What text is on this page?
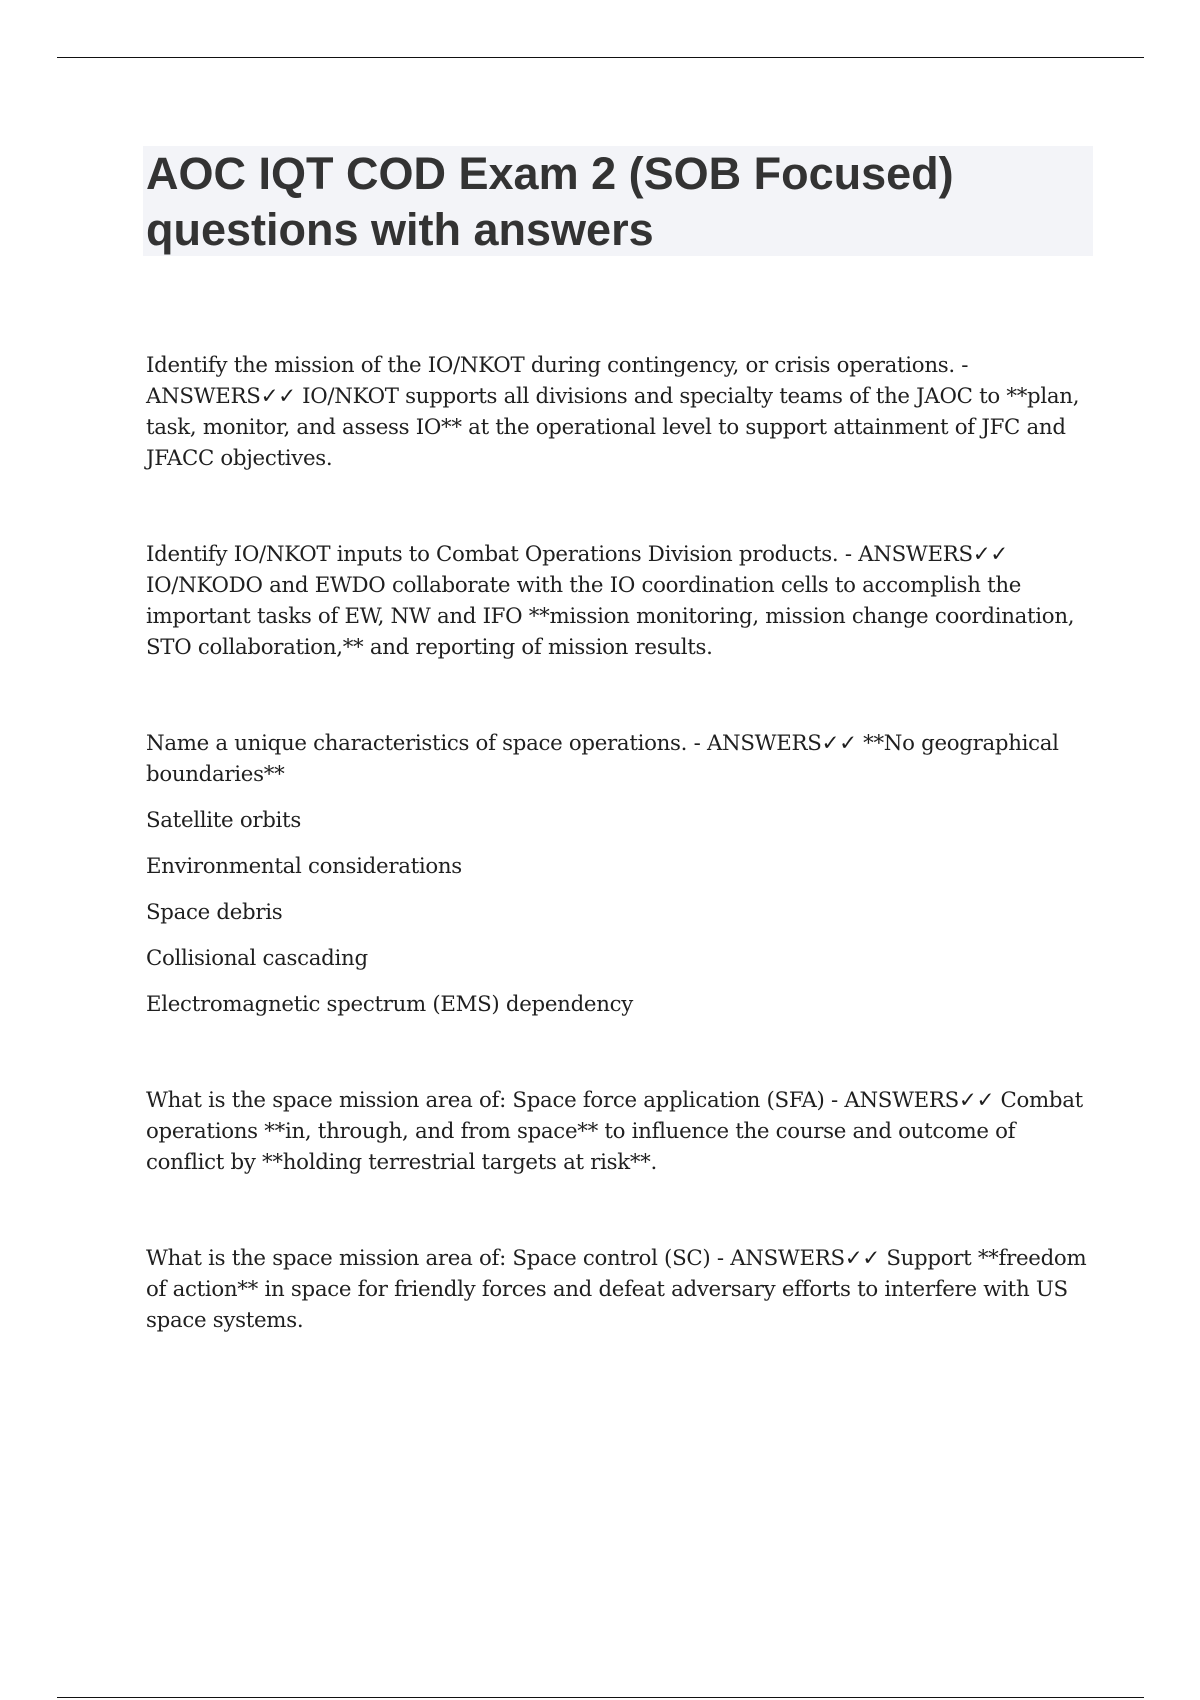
AOC IQT COD Exam 2 (SOB Focused)
questions with answers

Identify the mission of the IO/NKOT during contingency, or crisis operations. - ANSWERS✓✓ IO/NKOT supports all divisions and specialty teams of the JAOC to **plan, task, monitor, and assess IO** at the operational level to support attainment of JFC and JFACC objectives.

Identify IO/NKOT inputs to Combat Operations Division products. - ANSWERS✓✓ IO/NKODO and EWDO collaborate with the IO coordination cells to accomplish the important tasks of EW, NW and IFO **mission monitoring, mission change coordination, STO collaboration,** and reporting of mission results.

Name a unique characteristics of space operations. - ANSWERS✓✓ **No geographical boundaries**

Satellite orbits

Environmental considerations

Space debris

Collisional cascading

Electromagnetic spectrum (EMS) dependency

What is the space mission area of: Space force application (SFA) - ANSWERS✓✓ Combat operations **in, through, and from space** to influence the course and outcome of conflict by **holding terrestrial targets at risk**.

What is the space mission area of: Space control (SC) - ANSWERS✓✓ Support **freedom of action** in space for friendly forces and defeat adversary efforts to interfere with US space systems.
